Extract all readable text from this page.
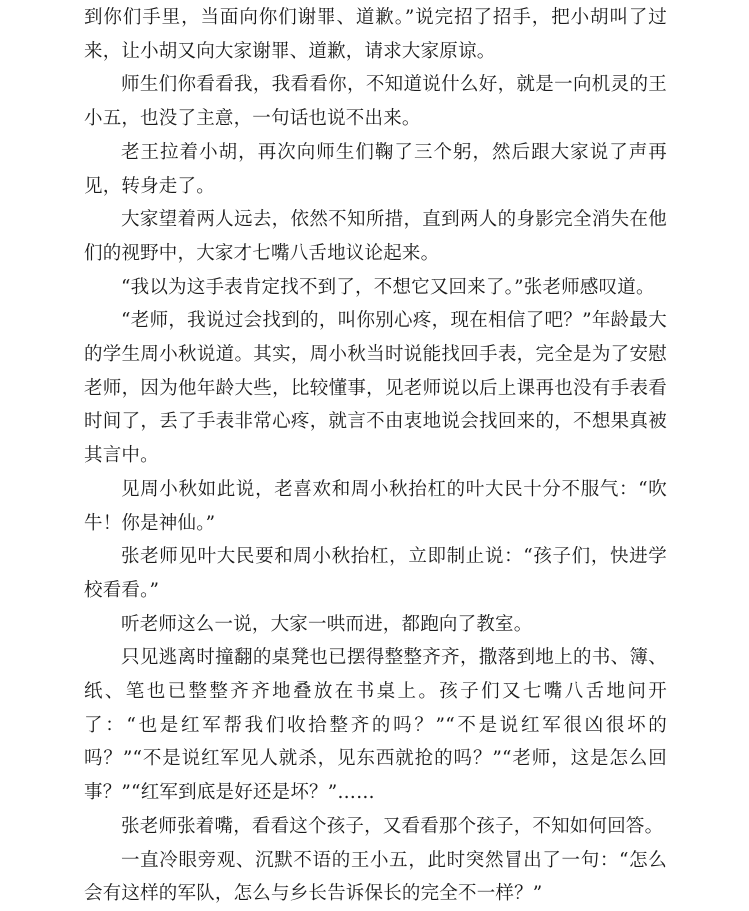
到你们手里，当面向你们谢罪、道歉。”说完招了招手，把小胡叫了过来，让小胡又向大家谢罪、道歉，请求大家原谅。

师生们你看看我，我看看你，不知道说什么好，就是一向机灵的王小五，也没了主意，一句话也说不出来。

老王拉着小胡，再次向师生们鞠了三个躬，然后跟大家说了声再见，转身走了。

大家望着两人远去，依然不知所措，直到两人的身影完全消失在他们的视野中，大家才七嘴八舌地议论起来。

“我以为这手表肯定找不到了，不想它又回来了。”张老师感叹道。

“老师，我说过会找到的，叫你别心疼，现在相信了吧？”年龄最大的学生周小秋说道。其实，周小秋当时说能找回手表，完全是为了安慰老师，因为他年龄大些，比较懂事，见老师说以后上课再也没有手表看时间了，丢了手表非常心疼，就言不由衷地说会找回来的，不想果真被其言中。

见周小秋如此说，老喜欢和周小秋抬杠的叶大民十分不服气：“吹牛！你是神仙。”

张老师见叶大民要和周小秋抬杠，立即制止说：“孩子们，快进学校看看。”

听老师这么一说，大家一哄而进，都跑向了教室。

只见逃离时撞翻的桌凳也已摆得整整齐齐，撒落到地上的书、簿、纸、笔也已整整齐齐地叠放在书桌上。孩子们又七嘴八舌地问开了：“也是红军帮我们收拾整齐的吗？”“不是说红军很凶很坏的吗？”“不是说红军见人就杀，见东西就抢的吗？”“老师，这是怎么回事？”“红军到底是好还是坏？”……

张老师张着嘴，看看这个孩子，又看看那个孩子，不知如何回答。

一直冷眼旁观、沉默不语的王小五，此时突然冒出了一句：“怎么会有这样的军队，怎么与乡长告诉保长的完全不一样？”
